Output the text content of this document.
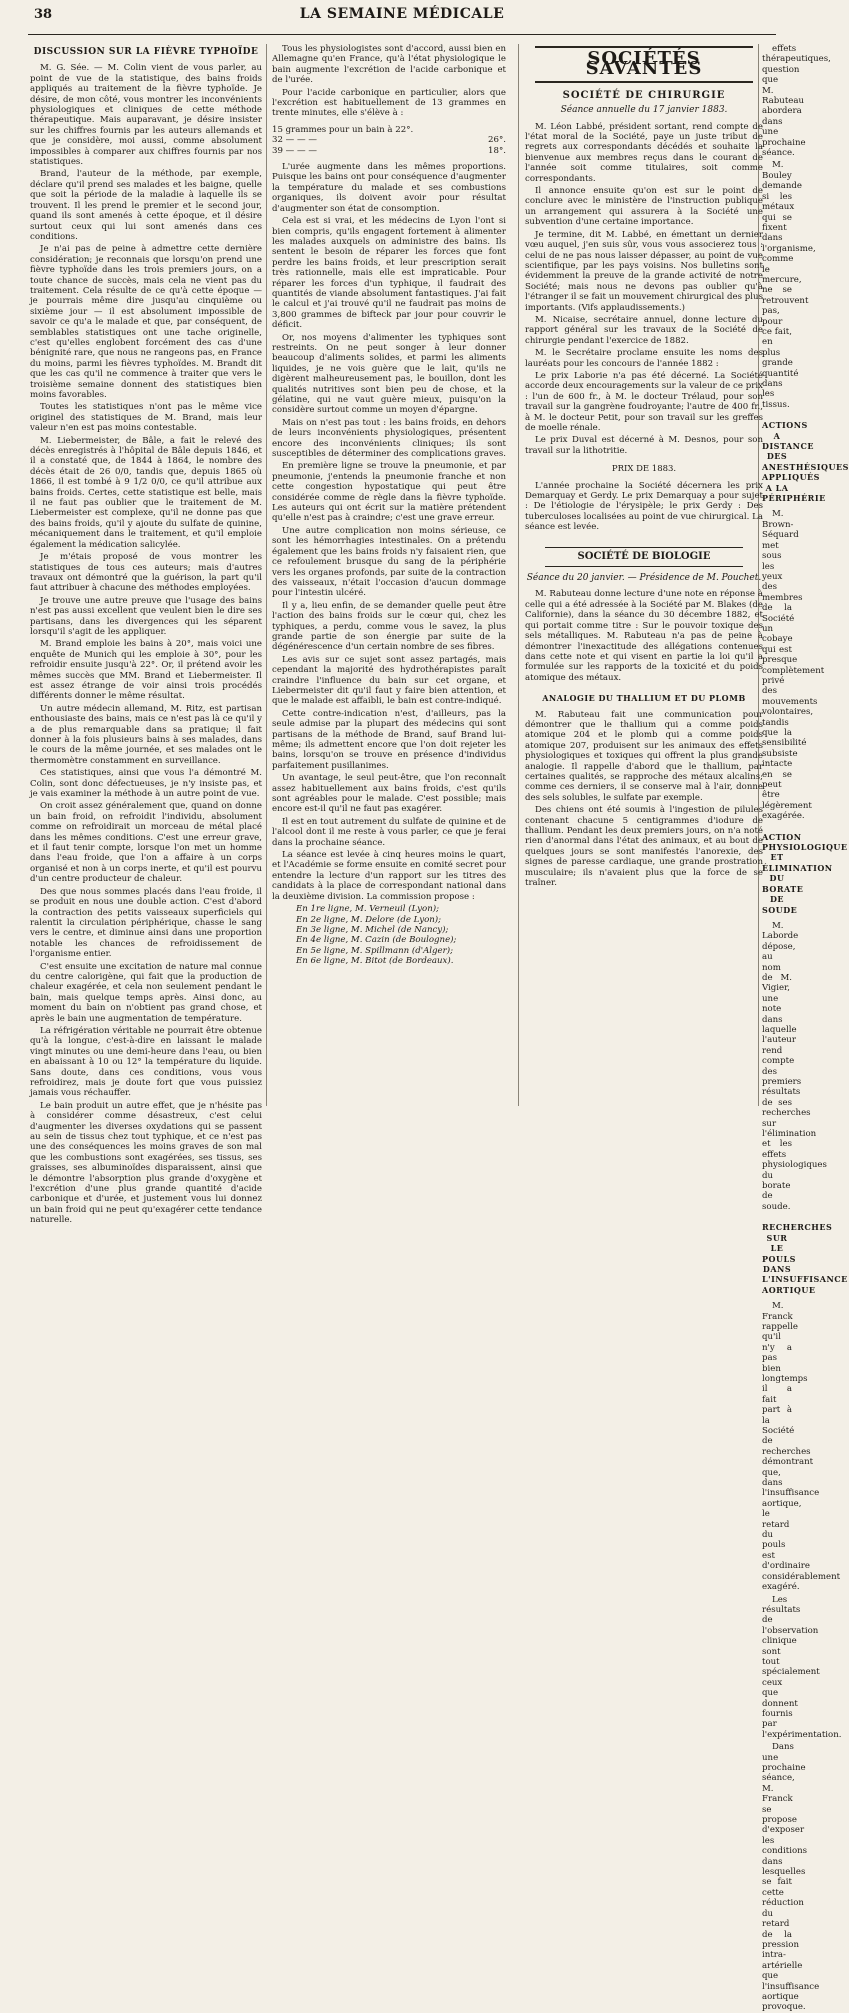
38	LA SEMAINE MÉDICALE
DISCUSSION SUR LA FIÈVRE TYPHOÏDE

M. G. Sée. — M. Colin vient de vous parler, au point de vue de la statistique, des bains froids appliqués au traitement de la fièvre typhoïde. Je désire, de mon côté, vous montrer les inconvénients physiologiques et cliniques de cette méthode thérapeutique. Mais auparavant, je désire insister sur les chiffres fournis par les auteurs allemands et que je considère, moi aussi, comme absolument impossibles à comparer aux chiffres fournis par nos statistiques.

Brand, l'auteur de la méthode, par exemple, déclare qu'il prend ses malades et les baigne, quelle que soit la période de la maladie à laquelle ils se trouvent. Il les prend le premier et le second jour, quand ils sont amenés à cette époque, et il désire surtout ceux qui lui sont amenés dans ces conditions.

Je n'ai pas de peine à admettre cette dernière considération; je reconnais que lorsqu'on prend une fièvre typhoïde dans les trois premiers jours, on a toute chance de succès, mais cela ne vient pas du traitement. Cela résulte de ce qu'à cette époque — je pourrais même dire jusqu'au cinquième ou sixième jour — il est absolument impossible de savoir ce qu'a le malade et que, par conséquent, de semblables statistiques ont une tache originelle, c'est qu'elles englobent forcément des cas d'une bénignité rare, que nous ne rangeons pas, en France du moins, parmi les fièvres typhoïdes. M. Brandt dit que les cas qu'il ne commence à traiter que vers le troisième semaine donnent des statistiques bien moins favorables.

Toutes les statistiques n'ont pas le même vice originel des statistiques de M. Brand, mais leur valeur n'en est pas moins contestable.

M. Liebermeister, de Bâle, a fait le relevé des décès enregistrés à l'hôpital de Bâle depuis 1846, et il a constaté que, de 1844 à 1864, le nombre des décès était de 26 0/0, tandis que, depuis 1865 où 1866, il est tombé à 9 1/2 0/0, ce qu'il attribue aux bains froids. Certes, cette statistique est belle, mais il ne faut pas oublier que le traitement de M. Liebermeister est complexe, qu'il ne donne pas que des bains froids, qu'il y ajoute du sulfate de quinine, mécaniquement dans le traitement, et qu'il emploie également la médication salicylée.

Je m'étais proposé de vous montrer les statistiques de tous ces auteurs; mais d'autres travaux ont démontré que la guérison, la part qu'il faut attribuer à chacune des méthodes employées.

Je trouve une autre preuve que l'usage des bains n'est pas aussi excellent que veulent bien le dire ses partisans, dans les divergences qui les séparent lorsqu'il s'agit de les appliquer.

M. Brand emploie les bains à 20°, mais voici une enquête de Munich qui les emploie à 30°, pour les refroidir ensuite jusqu'à 22°. Or, il prétend avoir les mêmes succès que MM. Brand et Liebermeister. Il est assez étrange de voir ainsi trois procédés différents donner le même résultat.

Un autre médecin allemand, M. Ritz, est partisan enthousiaste des bains, mais ce n'est pas là ce qu'il y a de plus remarquable dans sa pratique; il fait donner à la fois plusieurs bains à ses malades, dans le cours de la même journée, et ses malades ont le thermomètre constamment en surveillance.

Ces statistiques, ainsi que vous l'a démontré M. Colin, sont donc défectueuses, je n'y insiste pas, et je vais examiner la méthode à un autre point de vue.

On croit assez généralement que, quand on donne un bain froid, on refroidit l'individu, absolument comme on refroidirait un morceau de métal placé dans les mêmes conditions. C'est une erreur grave, et il faut tenir compte, lorsque l'on met un homme dans l'eau froide, que l'on a affaire à un corps organisé et non à un corps inerte, et qu'il est pourvu d'un centre producteur de chaleur.

Des que nous sommes placés dans l'eau froide, il se produit en nous une double action. C'est d'abord la contraction des petits vaisseaux superficiels qui ralentit la circulation périphérique, chasse le sang vers le centre, et diminue ainsi dans une proportion notable les chances de refroidissement de l'organisme entier.

C'est ensuite une excitation de nature mal connue du centre calorigène, qui fait que la production de chaleur exagérée, et cela non seulement pendant le bain, mais quelque temps après. Ainsi donc, au moment du bain on n'obtient pas grand chose, et après le bain une augmentation de température.

La réfrigération véritable ne pourrait être obtenue qu'à la longue, c'est-à-dire en laissant le malade vingt minutes ou une demi-heure dans l'eau, ou bien en abaissant à 10 ou 12° la température du liquide. Sans doute, dans ces conditions, vous vous refroidirez, mais je doute fort que vous puissiez jamais vous réchauffer.

Le bain produit un autre effet, que je n'hésite pas à considérer comme désastreux, c'est celui d'augmenter les diverses oxydations qui se passent au sein de tissus chez tout typhique, et ce n'est pas une des conséquences les moins graves de son mal que les combustions sont exagérées, ses tissus, ses graisses, ses albuminoïdes disparaissent, ainsi que le démontre l'absorption plus grande d'oxygène et l'excrétion d'une plus grande quantité d'acide carbonique et d'urée, et justement vous lui donnez un bain froid qui ne peut qu'exagérer cette tendance naturelle.

Tous les physiologistes sont d'accord, aussi bien en Allemagne qu'en France, qu'à l'état physiologique le bain augmente l'excrétion de l'acide carbonique et de l'urée.

Pour l'acide carbonique en particulier, alors que l'excrétion est habituellement de 13 grammes en trente minutes, elle s'élève à :

15 grammes pour un bain à 22°.
32 — — —	26°.
39 — — —	18°.

L'urée augmente dans les mêmes proportions. Puisque les bains ont pour conséquence d'augmenter la température du malade et ses combustions organiques, ils doivent avoir pour résultat d'augmenter son état de consomption.

Cela est si vrai, et les médecins de Lyon l'ont si bien compris, qu'ils engagent fortement à alimenter les malades auxquels on administre des bains. Ils sentent le besoin de réparer les forces que font perdre les bains froids, et leur prescription serait très rationnelle, mais elle est impraticable. Pour réparer les forces d'un typhique, il faudrait des quantités de viande absolument fantastiques. J'ai fait le calcul et j'ai trouvé qu'il ne faudrait pas moins de 3,800 grammes de bifteck par jour pour couvrir le déficit.

Or, nos moyens d'alimenter les typhiques sont restreints. On ne peut songer à leur donner beaucoup d'aliments solides, et parmi les aliments liquides, je ne vois guère que le lait, qu'ils ne digèrent malheureusement pas, le bouillon, dont les qualités nutritives sont bien peu de chose, et la gélatine, qui ne vaut guère mieux, puisqu'on la considère surtout comme un moyen d'épargne.

Mais on n'est pas tout : les bains froids, en dehors de leurs inconvénients physiologiques, présentent encore des inconvénients cliniques; ils sont susceptibles de déterminer des complications graves.

En première ligne se trouve la pneumonie, et par pneumonie, j'entends la pneumonie franche et non cette congestion hypostatique qui peut être considérée comme de règle dans la fièvre typhoïde. Les auteurs qui ont écrit sur la matière prétendent qu'elle n'est pas à craindre; c'est une grave erreur.

Une autre complication non moins sérieuse, ce sont les hémorrhagies intestinales. On a prétendu également que les bains froids n'y faisaient rien, que ce refoulement brusque du sang de la périphérie vers les organes profonds, par suite de la contraction des vaisseaux, n'était l'occasion d'aucun dommage pour l'intestin ulcéré.

Il y a, lieu enfin, de se demander quelle peut être l'action des bains froids sur le cœur qui, chez les typhiques, a perdu, comme vous le savez, la plus grande partie de son énergie par suite de la dégénérescence d'un certain nombre de ses fibres.

Les avis sur ce sujet sont assez partagés, mais cependant la majorité des hydrothérapistes paraît craindre l'influence du bain sur cet organe, et Liebermeister dit qu'il faut y faire bien attention, et que le malade est affaibli, le bain est contre-indiqué.

Cette contre-indication n'est, d'ailleurs, pas la seule admise par la plupart des médecins qui sont partisans de la méthode de Brand, sauf Brand lui-même; ils admettent encore que l'on doit rejeter les bains, lorsqu'on se trouve en présence d'individus parfaitement pusillanimes.

Un avantage, le seul peut-être, que l'on reconnaît assez habituellement aux bains froids, c'est qu'ils sont agréables pour le malade. C'est possible; mais encore est-il qu'il ne faut pas exagérer.

Il est en tout autrement du sulfate de quinine et de l'alcool dont il me reste à vous parler, ce que je ferai dans la prochaine séance.

La séance est levée à cinq heures moins le quart, et l'Académie se forme ensuite en comité secret pour entendre la lecture d'un rapport sur les titres des candidats à la place de correspondant national dans la deuxième division. La commission propose :

En 1re ligne, M. Verneuil (Lyon);
En 2e ligne, M. Delore (de Lyon);
En 3e ligne, M. Michel (de Nancy);
En 4e ligne, M. Cazin (de Boulogne);
En 5e ligne, M. Spillmann (d'Alger);
En 6e ligne, M. Bitot (de Bordeaux).
SOCIÉTÉS SAVANTES
SOCIÉTÉ DE CHIRURGIE
Séance annuelle du 17 janvier 1883.

M. Léon Labbé, président sortant, rend compte de l'état moral de la Société, paye un juste tribut de regrets aux correspondants décédés et souhaite la bienvenue aux membres reçus dans le courant de l'année soit comme titulaires, soit comme correspondants.

Il annonce ensuite qu'on est sur le point de conclure avec le ministère de l'instruction publique un arrangement qui assurera à la Société une subvention d'une certaine importance.

Je termine, dit M. Labbé, en émettant un dernier vœu auquel, j'en suis sûr, vous vous associerez tous : celui de ne pas nous laisser dépasser, au point de vue scientifique, par les pays voisins. Nos bulletins sont évidemment la preuve de la grande activité de notre Société; mais nous ne devons pas oublier qu'à l'étranger il se fait un mouvement chirurgical des plus importants. (Vifs applaudissements.)

M. Nicaise, secrétaire annuel, donne lecture du rapport général sur les travaux de la Société de chirurgie pendant l'exercice de 1882.

M. le Secrétaire proclame ensuite les noms des lauréats pour les concours de l'année 1882 :

Le prix Laborie n'a pas été décerné. La Société accorde deux encouragements sur la valeur de ce prix : l'un de 600 fr., à M. le docteur Trélaud, pour son travail sur la gangrène foudroyante; l'autre de 400 fr., à M. le docteur Petit, pour son travail sur les greffes de moelle rénale.

Le prix Duval est décerné à M. Desnos, pour son travail sur la lithotritie.

PRIX DE 1883.

L'année prochaine la Société décernera les prix Demarquay et Gerdy. Le prix Demarquay a pour sujet : De l'étiologie de l'érysipèle; le prix Gerdy : Des tuberculoses localisées au point de vue chirurgical. La séance est levée.

SOCIÉTÉ DE BIOLOGIE
Séance du 20 janvier. — Présidence de M. Pouchet.

M. Rabuteau donne lecture d'une note en réponse à celle qui a été adressée à la Société par M. Blakes (de Californie), dans la séance du 30 décembre 1882, et qui portait comme titre : Sur le pouvoir toxique des sels métalliques. M. Rabuteau n'a pas de peine à démontrer l'inexactitude des allégations contenues dans cette note et qui visent en partie la loi qu'il a formulée sur les rapports de la toxicité et du poids atomique des métaux.

ANALOGIE DU THALLIUM ET DU PLOMB

M. Rabuteau fait une communication pour démontrer que le thallium qui a comme poids atomique 204 et le plomb qui a comme poids atomique 207, produisent sur les animaux des effets physiologiques et toxiques qui offrent la plus grande analogie. Il rappelle d'abord que le thallium, par certaines qualités, se rapproche des métaux alcalins; comme ces derniers, il se conserve mal à l'air, donne des sels solubles, le sulfate par exemple.

Des chiens ont été soumis à l'ingestion de pilules contenant chacune 5 centigrammes d'iodure de thallium. Pendant les deux premiers jours, on n'a noté rien d'anormal dans l'état des animaux, et au bout de quelques jours se sont manifestés l'anorexie, des signes de paresse cardiaque, une grande prostration musculaire; ils n'avaient plus que la force de se traîner.

effets thérapeutiques, question que M. Rabuteau abordera dans une prochaine séance.

M. Bouley demande si les métaux qui se fixent dans l'organisme, comme le mercure, ne se retrouvent pas, pour ce fait, en plus grande quantité dans les tissus.

ACTIONS A DISTANCE DES ANESTHÉSIQUES APPLIQUÉS A LA PÉRIPHÉRIE

M. Brown-Séquard met sous les yeux des membres de la Société un cobaye qui est presque complètement privé des mouvements volontaires, tandis que la sensibilité subsiste intacte en se peut être légèrement exagérée.

ACTION PHYSIOLOGIQUE ET ÉLIMINATION DU BORATE DE SOUDE

M. Laborde dépose, au nom de M. Vigier, une note dans laquelle l'auteur rend compte des premiers résultats de ses recherches sur l'élimination et les effets physiologiques du borate de soude.

RECHERCHES SUR LE POULS DANS L'INSUFFISANCE AORTIQUE

M. Franck rappelle qu'il n'y a pas bien longtemps il a fait part à la Société de recherches démontrant que, dans l'insuffisance aortique, le retard du pouls est d'ordinaire considérablement exagéré.

Les résultats de l'observation clinique sont tout spécialement ceux que donnent fournis par l'expérimentation.

Dans une prochaine séance, M. Franck se propose d'exposer les conditions dans lesquelles se fait cette réduction du retard de la pression intra-artérielle que l'insuffisance aortique provoque.
